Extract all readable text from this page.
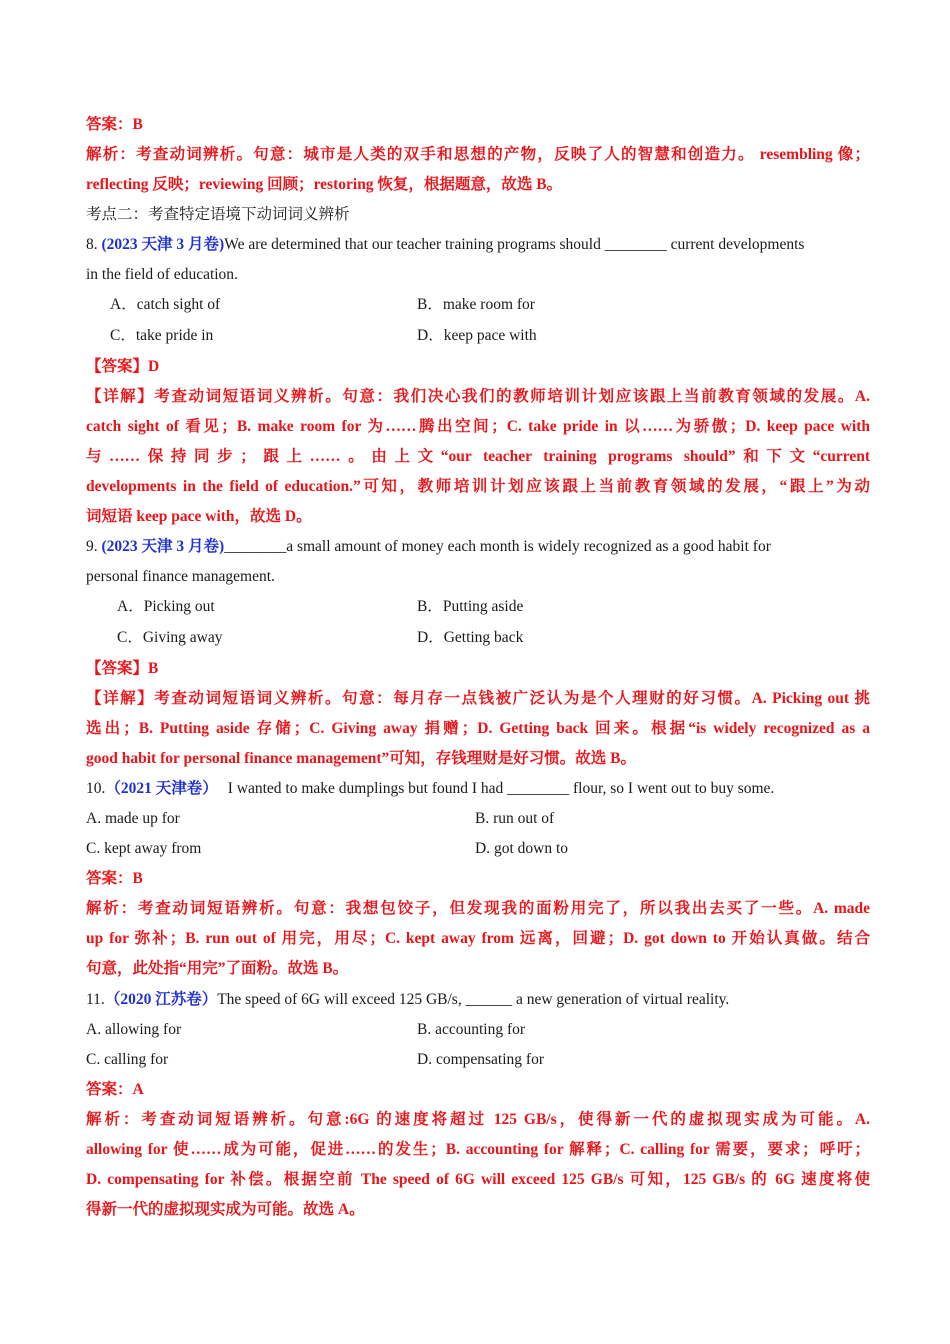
答案：B
解析：考查动词辨析。句意：城市是人类的双手和思想的产物，反映了人的智慧和创造力。 resembling 像；
reflecting 反映；reviewing 回顾；restoring 恢复，根据题意，故选 B。
考点二：考查特定语境下动词词义辨析
8. (2023 天津 3 月卷)We are determined that our teacher training programs should ________ current developments
in the field of education.
A．catch sight of	B．make room for
C．take pride in	D．keep pace with
【答案】D
【详解】考查动词短语词义辨析。句意：我们决心我们的教师培训计划应该跟上当前教育领域的发展。A.
catch sight of 看见；B. make room for 为……腾出空间；C. take pride in 以……为骄傲；D. keep pace with
与……保持同步；跟上……。由上文“our teacher training programs should”和下文“current
developments in the field of education.”可知，教师培训计划应该跟上当前教育领域的发展，“跟上”为动
词短语 keep pace with，故选 D。
9. (2023 天津 3 月卷)________a small amount of money each month is widely recognized as a good habit for
personal finance management.
A．Picking out	B．Putting aside
C．Giving away	D．Getting back
【答案】B
【详解】考查动词短语词义辨析。句意：每月存一点钱被广泛认为是个人理财的好习惯。A. Picking out 挑
选出；B. Putting aside 存储；C. Giving away 捐赠；D. Getting back 回来。根据“is widely recognized as a
good habit for personal finance management”可知，存钱理财是好习惯。故选 B。
10.（2021 天津卷） I wanted to make dumplings but found I had ________ flour, so I went out to buy some.
A. made up for	B. run out of
C. kept away from	D. got down to
答案：B
解析：考查动词短语辨析。句意：我想包饺子，但发现我的面粉用完了，所以我出去买了一些。A. made
up for 弥补；B. run out of 用完，用尽；C. kept away from 远离，回避；D. got down to 开始认真做。结合
句意，此处指“用完”了面粉。故选 B。
11.（2020 江苏卷）The speed of 6G will exceed 125 GB/s, ______ a new generation of virtual reality.
A. allowing for	B. accounting for
C. calling for	D. compensating for
答案：A
解析：考查动词短语辨析。句意:6G 的速度将超过 125 GB/s，使得新一代的虚拟现实成为可能。A.
allowing for 使……成为可能，促进……的发生；B. accounting for 解释；C. calling for 需要，要求；呼吁；
D. compensating for 补偿。根据空前 The speed of 6G will exceed 125 GB/s 可知，125 GB/s 的 6G 速度将使
得新一代的虚拟现实成为可能。故选 A。
